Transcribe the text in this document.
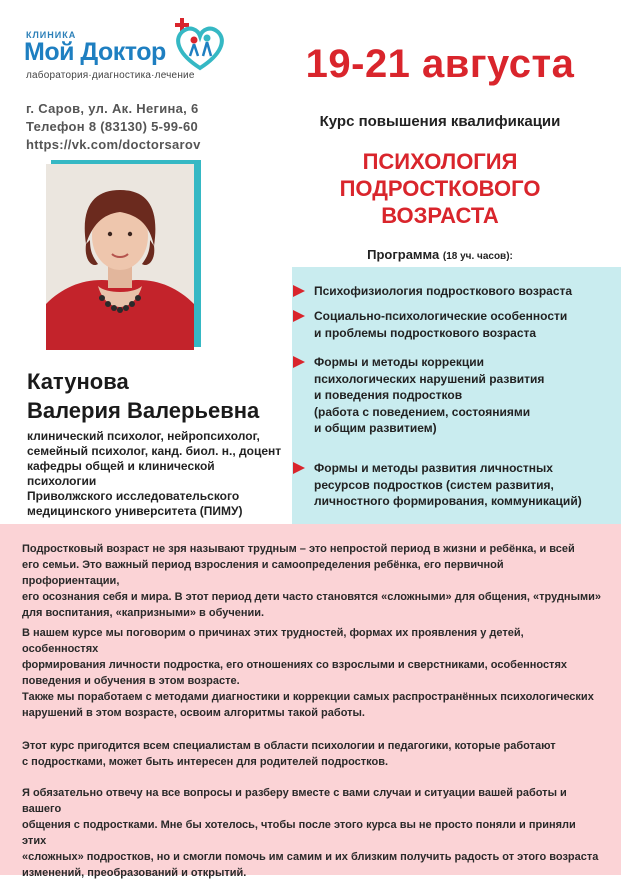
КЛИНИКА
Мой Доктор
лаборатория·диагностика·лечение
г. Саров, ул. Ак. Негина, 6
Телефон 8 (83130) 5-99-60
https://vk.com/doctorsarov
19-21 августа
Курс повышения квалификации
ПСИХОЛОГИЯ
ПОДРОСТКОВОГО
ВОЗРАСТА
Программа (18 уч. часов):
Катунова
Валерия Валерьевна
клинический психолог, нейропсихолог,
семейный психолог, канд. биол. н., доцент
кафедры общей и клинической психологии
Приволжского исследовательского
медицинского университета (ПИМУ)
Психофизиология подросткового возраста
Социально-психологические особенности
и проблемы подросткового возраста
Формы и методы коррекции
психологических нарушений развития
и поведения подростков
(работа с поведением, состояниями
и общим развитием)
Формы и методы развития личностных
ресурсов подростков (систем развития,
личностного формирования, коммуникаций)
Подростковый возраст не зря называют трудным – это непростой период в жизни и ребёнка, и всей
его семьи. Это важный период взросления и самоопределения ребёнка, его первичной профориентации,
его осознания себя и мира. В этот период дети часто становятся «сложными» для общения, «трудными»
для воспитания, «капризными» в обучении.
В нашем курсе мы поговорим о причинах этих трудностей, формах их проявления у детей, особенностях
формирования личности подростка, его отношениях со взрослыми и сверстниками, особенностях
поведения и обучения в этом возрасте.
Также мы поработаем с методами диагностики и коррекции самых распространённых психологических
нарушений в этом возрасте, освоим алгоритмы такой работы.
Этот курс пригодится всем специалистам в области психологии и педагогики, которые работают
с подростками, может быть интересен для родителей подростков.
Я обязательно отвечу на все вопросы и разберу вместе с вами случаи и ситуации вашей работы и вашего
общения с подростками. Мне бы хотелось, чтобы после этого курса вы не просто поняли и приняли этих
«сложных» подростков, но и смогли помочь им самим и их близким получить радость от этого возраста
изменений, преобразований и открытий.
